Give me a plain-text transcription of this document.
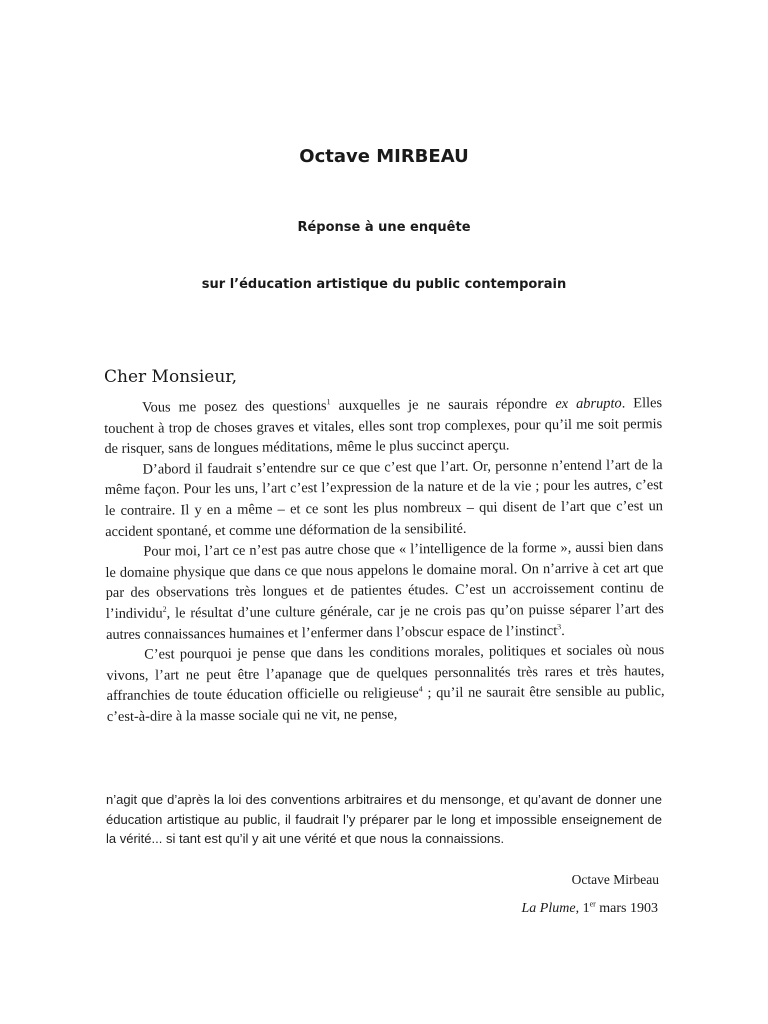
Octave MIRBEAU
Réponse à une enquête
sur l’éducation artistique du public contemporain
Cher Monsieur,

Vous me posez des questions$^1$ auxquelles je ne saurais répondre ex abrupto. Elles touchent à trop de choses graves et vitales, elles sont trop complexes, pour qu’il me soit permis de risquer, sans de longues méditations, même le plus succinct aperçu.

D’abord il faudrait s’entendre sur ce que c’est que l’art. Or, personne n’entend l’art de la même façon. Pour les uns, l’art c’est l’expression de la nature et de la vie ; pour les autres, c’est le contraire. Il y en a même – et ce sont les plus nombreux – qui disent de l’art que c’est un accident spontané, et comme une déformation de la sensibilité.

Pour moi, l’art ce n’est pas autre chose que « l’intelligence de la forme », aussi bien dans le domaine physique que dans ce que nous appelons le domaine moral. On n’arrive à cet art que par des observations très longues et de patientes études. C’est un accroissement continu de l’individu$^2$, le résultat d’une culture générale, car je ne crois pas qu’on puisse séparer l’art des autres connaissances humaines et l’enfermer dans l’obscur espace de l’instinct$^3$.

C’est pourquoi je pense que dans les conditions morales, politiques et sociales où nous vivons, l’art ne peut être l’apanage que de quelques personnalités très rares et très hautes, affranchies de toute éducation officielle ou religieuse$^4$ ; qu’il ne saurait être sensible au public, c’est-à-dire à la masse sociale qui ne vit, ne pense,

n’agit que d’après la loi des conventions arbitraires et du mensonge, et qu’avant de donner une éducation artistique au public, il faudrait l’y préparer par le long et impossible enseignement de la vérité... si tant est qu’il y ait une vérité et que nous la connaissions.

Octave Mirbeau
La Plume, 1er mars 1903
